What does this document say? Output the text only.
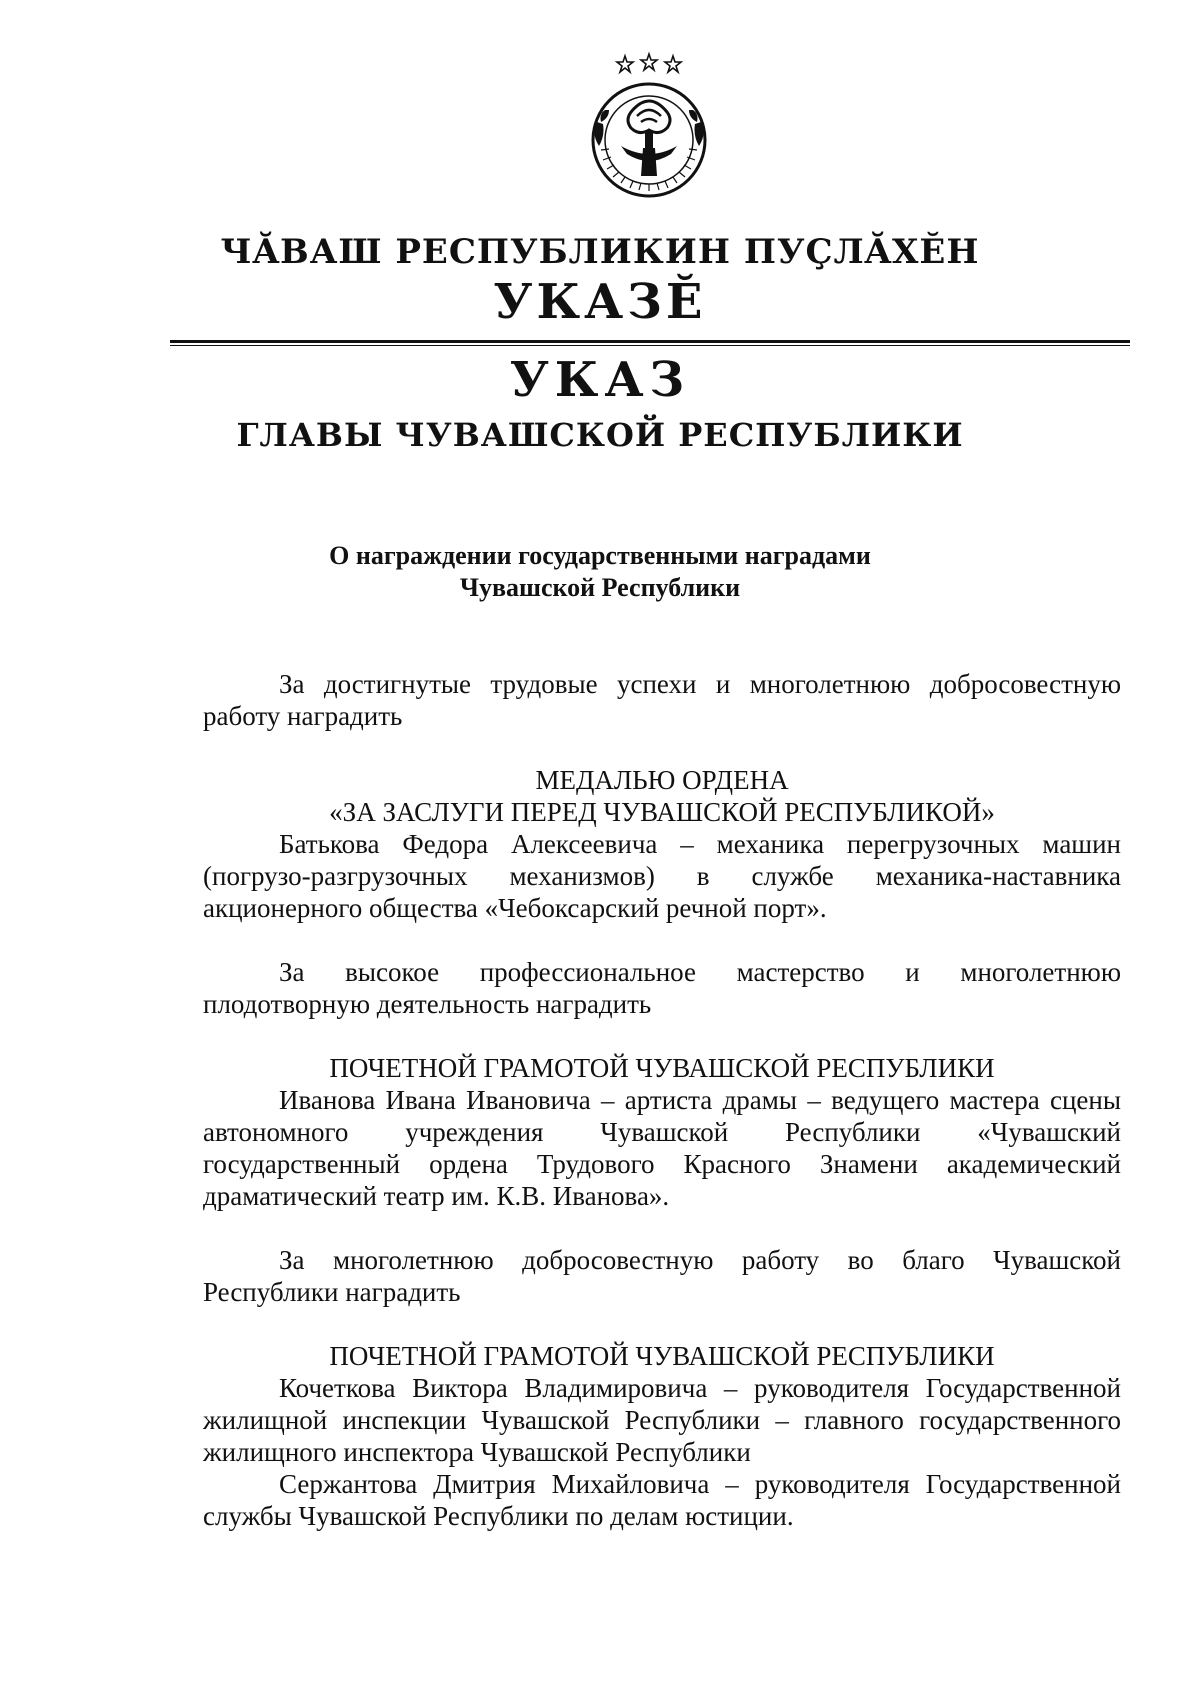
ЧĂВАШ РЕСПУБЛИКИН ПУÇЛĂХĔН
УКАЗĔ
УКАЗ
ГЛАВЫ ЧУВАШСКОЙ РЕСПУБЛИКИ
О награждении государственными наградами
Чувашской Республики

За достигнутые трудовые успехи и многолетнюю добросовестную работу наградить

МЕДАЛЬЮ ОРДЕНА

«ЗА ЗАСЛУГИ ПЕРЕД ЧУВАШСКОЙ РЕСПУБЛИКОЙ»

Батькова Федора Алексеевича – механика перегрузочных машин (погрузо-разгрузочных механизмов) в службе механика-наставника акционерного общества «Чебоксарский речной порт».

За высокое профессиональное мастерство и многолетнюю плодотворную деятельность наградить

ПОЧЕТНОЙ ГРАМОТОЙ ЧУВАШСКОЙ РЕСПУБЛИКИ

Иванова Ивана Ивановича – артиста драмы – ведущего мастера сцены автономного учреждения Чувашской Республики «Чувашский государственный ордена Трудового Красного Знамени академический драматический театр им. К.В. Иванова».

За многолетнюю добросовестную работу во благо Чувашской Республики наградить

ПОЧЕТНОЙ ГРАМОТОЙ ЧУВАШСКОЙ РЕСПУБЛИКИ

Кочеткова Виктора Владимировича – руководителя Государственной жилищной инспекции Чувашской Республики – главного государственного жилищного инспектора Чувашской Республики

Сержантова Дмитрия Михайловича – руководителя Государственной службы Чувашской Республики по делам юстиции.
